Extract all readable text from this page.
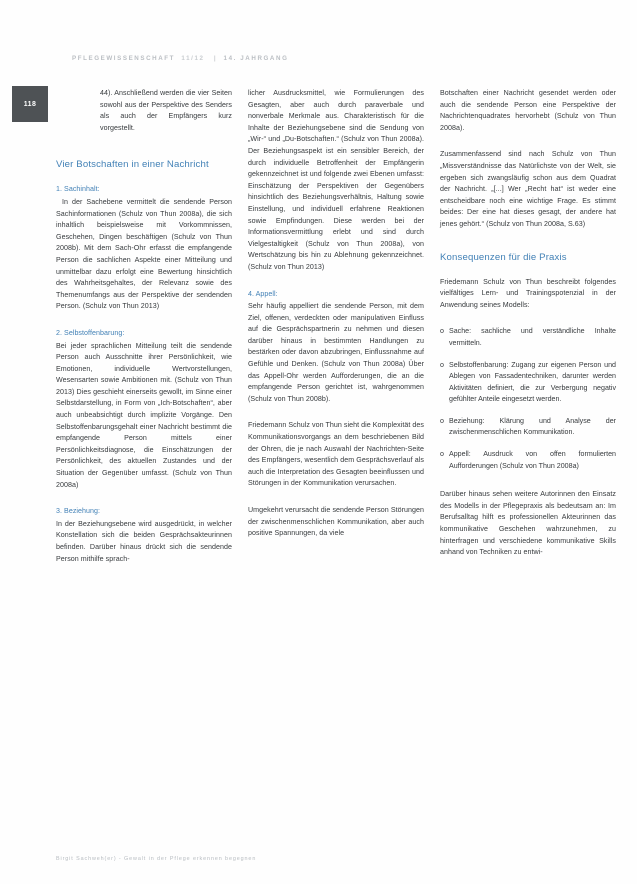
PFLEGEWISSENSCHAFT 11/12 | 14. JAHRGANG
118

44). Anschließend werden die vier Seiten sowohl aus der Perspektive des Senders als auch der Empfängers kurz vorgestellt.

Vier Botschaften in einer Nachricht
1. Sachinhalt:

In der Sachebene vermittelt die sendende Person Sachinformationen (Schulz von Thun 2008a), die sich inhaltlich beispielsweise mit Vorkommnissen, Geschehen, Dingen beschäftigen (Schulz von Thun 2008b). Mit dem Sach-Ohr erfasst die empfangende Person die sachlichen Aspekte einer Mitteilung und unmittelbar dazu erfolgt eine Bewertung hinsichtlich des Wahrheitsgehaltes, der Relevanz sowie des Themenumfangs aus der Perspektive der sendenden Person. (Schulz von Thun 2013)

2. Selbstoffenbarung:

Bei jeder sprachlichen Mitteilung teilt die sendende Person auch Ausschnitte ihrer Persönlichkeit, wie Emotionen, individuelle Wertvorstellungen, Wesensarten sowie Ambitionen mit. (Schulz von Thun 2013) Dies geschieht einerseits gewollt, im Sinne einer Selbstdarstellung, in Form von „Ich-Botschaften“, aber auch unbeabsichtigt durch implizite Vorgänge. Den Selbstoffenbarungsgehalt einer Nachricht bestimmt die empfangende Person mittels einer Persönlichkeitsdiagnose, die Einschätzungen der Persönlichkeit, des aktuellen Zustandes und der Situation der Gegenüber umfasst. (Schulz von Thun 2008a)

3. Beziehung:

In der Beziehungsebene wird ausgedrückt, in welcher Konstellation sich die beiden Gesprächsakteurinnen befinden. Darüber hinaus drückt sich die sendende Person mithilfe sprach-

licher Ausdrucksmittel, wie Formulierungen des Gesagten, aber auch durch paraverbale und nonverbale Merkmale aus. Charakteristisch für die Inhalte der Beziehungsebene sind die Sendung von „Wir-“ und „Du-Botschaften.“ (Schulz von Thun 2008a). Der Beziehungsaspekt ist ein sensibler Bereich, der durch individuelle Betroffenheit der Empfängerin gekennzeichnet ist und folgende zwei Ebenen umfasst: Einschätzung der Perspektiven der Gegenübers hinsichtlich des Beziehungsverhältnis, Haltung sowie Einstellung, und individuell erfahrene Reaktionen sowie Empfindungen. Diese werden bei der Informationsvermittlung erlebt und sind durch Vielgestaltigkeit (Schulz von Thun 2008a), von Wertschätzung bis hin zu Ablehnung gekennzeichnet. (Schulz von Thun 2013)

4. Appell:

Sehr häufig appelliert die sendende Person, mit dem Ziel, offenen, verdeckten oder manipulativen Einfluss auf die Gesprächspartnerin zu nehmen und diesen darüber hinaus in bestimmten Handlungen zu bestärken oder davon abzubringen, Einflussnahme auf Gefühle und Denken. (Schulz von Thun 2008a) Über das Appell-Ohr werden Aufforderungen, die an die empfangende Person gerichtet ist, wahrgenommen (Schulz von Thun 2008b).

Friedemann Schulz von Thun sieht die Komplexität des Kommunikationsvorgangs an dem beschriebenen Bild der Ohren, die je nach Auswahl der Nachrichten-Seite des Empfängers, wesentlich dem Gesprächsverlauf als auch die Interpretation des Gesagten beeinflussen und Störungen in der Kommunikation verursachen.

Umgekehrt verursacht die sendende Person Störungen der zwischenmenschlichen Kommunikation, aber auch positive Spannungen, da viele

Botschaften einer Nachricht gesendet werden oder auch die sendende Person eine Perspektive der Nachrichtenquadrates hervorhebt (Schulz von Thun 2008a).

Zusammenfassend sind nach Schulz von Thun „Missverständnisse das Natürlichste von der Welt, sie ergeben sich zwangsläufig schon aus dem Quadrat der Nachricht. „[...] Wer „Recht hat“ ist weder eine entscheidbare noch eine wichtige Frage. Es stimmt beides: Der eine hat dieses gesagt, der andere hat jenes gehört.“ (Schulz von Thun 2008a, S.63)

Konsequenzen für die Praxis

Friedemann Schulz von Thun beschreibt folgendes vielfältiges Lern- und Trainingspotenzial in der Anwendung seines Modells:

o Sache: sachliche und verständliche Inhalte vermitteln.
o Selbstoffenbarung: Zugang zur eigenen Person und Ablegen von Fassadentechniken, darunter werden Aktivitäten definiert, die zur Verbergung negativ gefühlter Anteile eingesetzt werden.
o Beziehung: Klärung und Analyse der zwischenmenschlichen Kommunikation.
o Appell: Ausdruck von offen formulierten Aufforderungen (Schulz von Thun 2008a)

Darüber hinaus sehen weitere Autorinnen den Einsatz des Modells in der Pflegepraxis als bedeutsam an: Im Berufsalltag hilft es professionellen Akteurinnen das kommunikative Geschehen wahrzunehmen, zu hinterfragen und verschiedene kommunikative Skills anhand von Techniken zu entwi-

Birgit Sachweh(er) - Gewalt in der Pflege erkennen begegnen
